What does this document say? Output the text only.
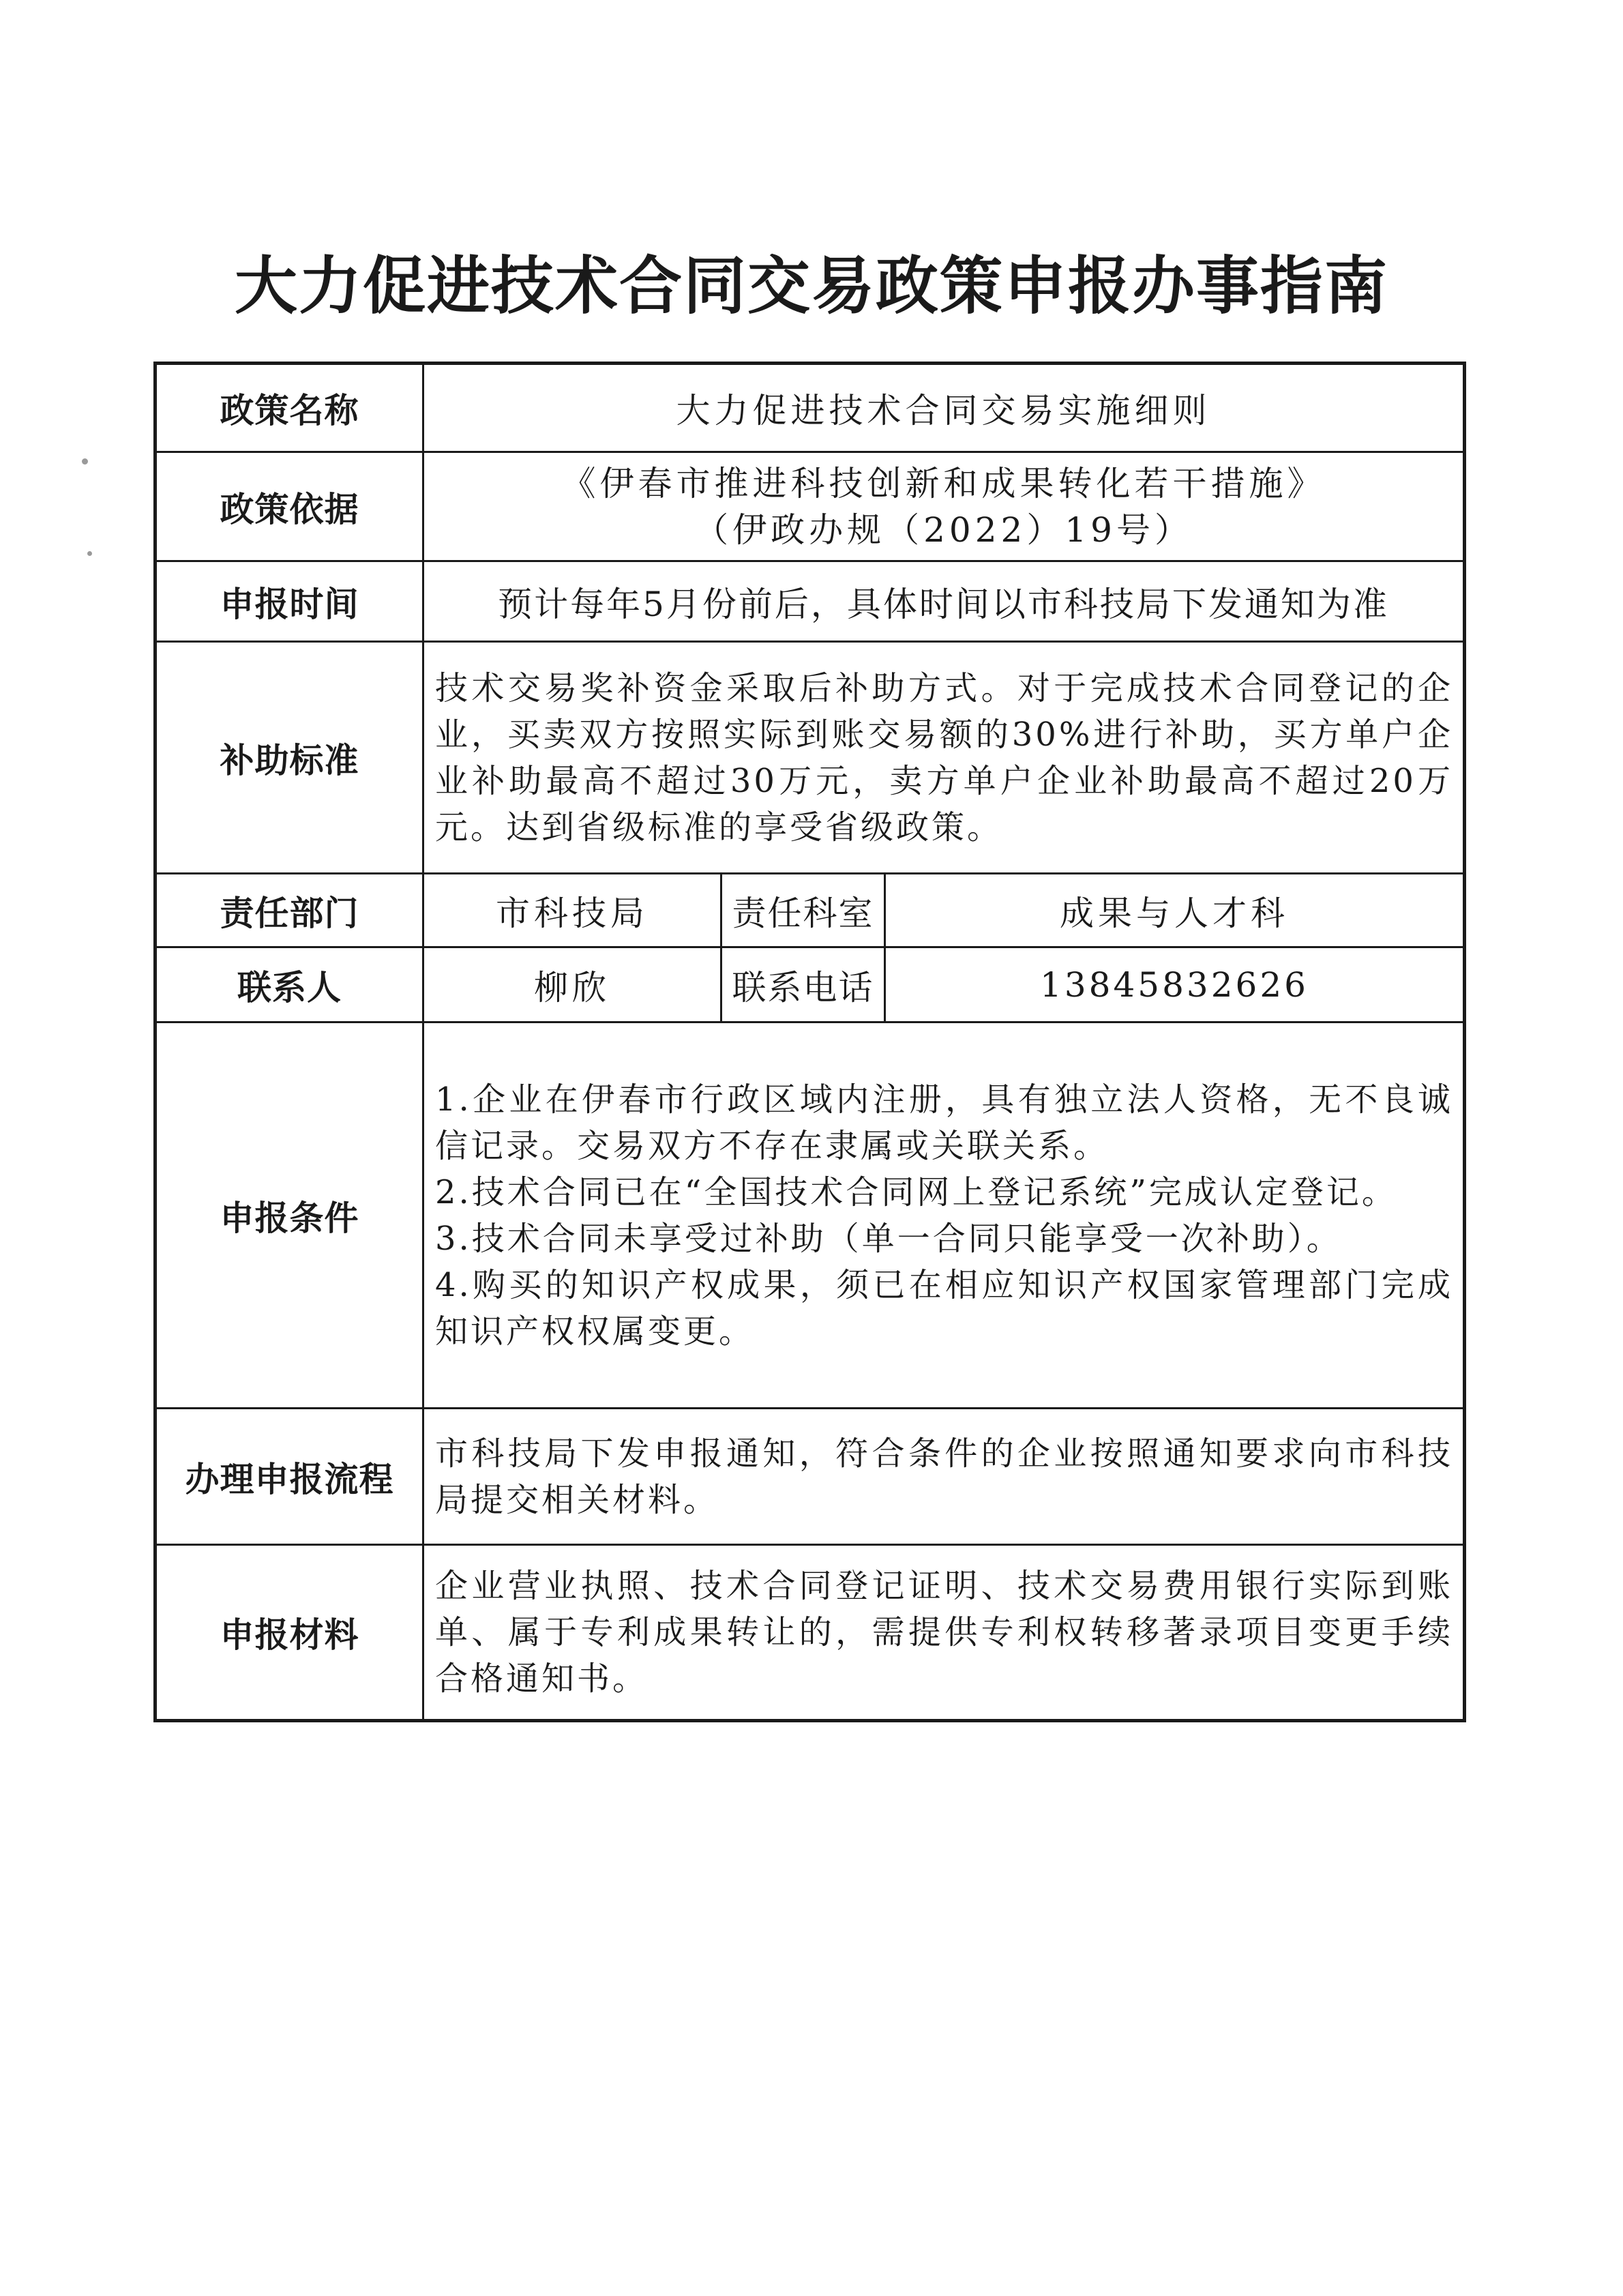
大力促进技术合同交易政策申报办事指南
政策名称	大力促进技术合同交易实施细则		
政策依据	《伊春市推进科技创新和成果转化若干措施》
（伊政办规（2022）19号）		

申报时间	预计每年5月份前后，具体时间以市科技局下发通知为准		
补助标准	技术交易奖补资金采取后补助方式。对于完成技术合同登记的企业，买卖双方按照实际到账交易额的30%进行补助，买方单户企业补助最高不超过30万元，卖方单户企业补助最高不超过20万元。达到省级标准的享受省级政策。		
责任部门	市科技局	责任科室	成果与人才科
联系人	柳欣	联系电话	13845832626
申报条件	1.企业在伊春市行政区域内注册，具有独立法人资格，无不良诚信记录。交易双方不存在隶属或关联关系。
2.技术合同已在“全国技术合同网上登记系统”完成认定登记。
3.技术合同未享受过补助（单一合同只能享受一次补助）。
4.购买的知识产权成果，须已在相应知识产权国家管理部门完成知识产权权属变更。		

办理申报流程	市科技局下发申报通知，符合条件的企业按照通知要求向市科技局提交相关材料。		
申报材料	企业营业执照、技术合同登记证明、技术交易费用银行实际到账单、属于专利成果转让的，需提供专利权转移著录项目变更手续合格通知书。		
